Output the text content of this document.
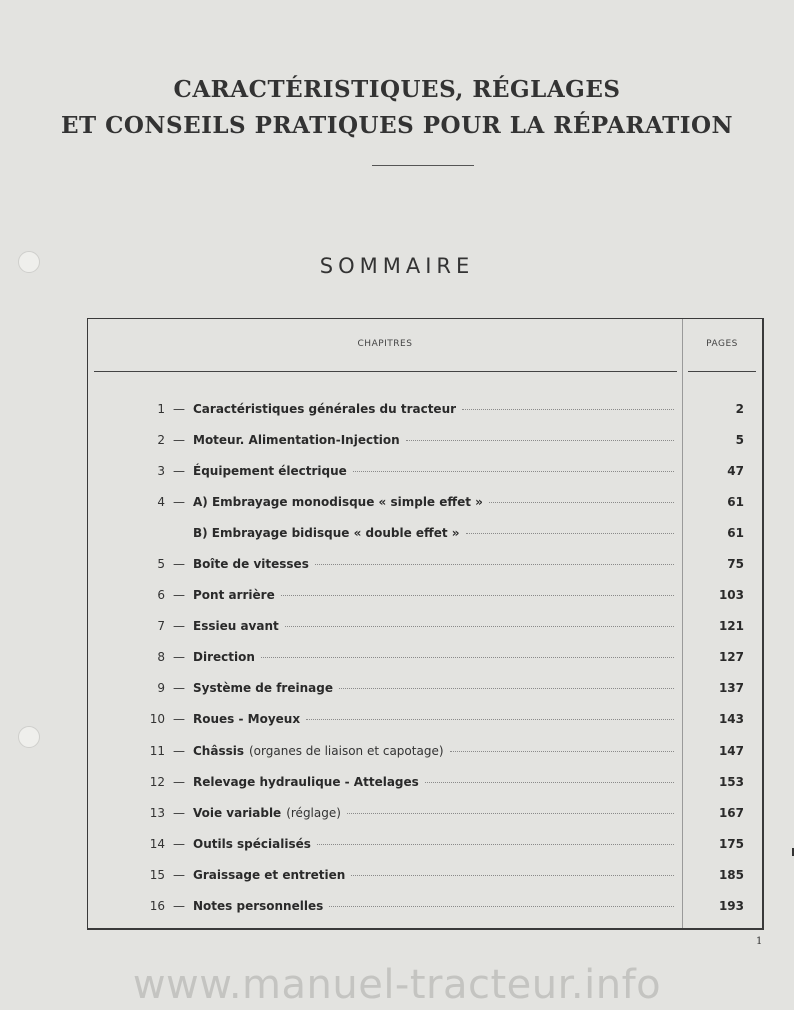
CARACTÉRISTIQUES, RÉGLAGES
ET CONSEILS PRATIQUES POUR LA RÉPARATION
SOMMAIRE
CHAPITRES	PAGES
1 — Caractéristiques générales du tracteur	2
2 — Moteur. Alimentation-Injection	5
3 — Équipement électrique	47
4 — A) Embrayage monodisque « simple effet »	61
B) Embrayage bidisque « double effet »	61
5 — Boîte de vitesses	75
6 — Pont arrière	103
7 — Essieu avant	121
8 — Direction	127
9 — Système de freinage	137
10 — Roues - Moyeux	143
11 — Châssis (organes de liaison et capotage)	147
12 — Relevage hydraulique - Attelages	153
13 — Voie variable (réglage)	167
14 — Outils spécialisés	175
15 — Graissage et entretien	185
16 — Notes personnelles	193
1
www.manuel-tracteur.info
